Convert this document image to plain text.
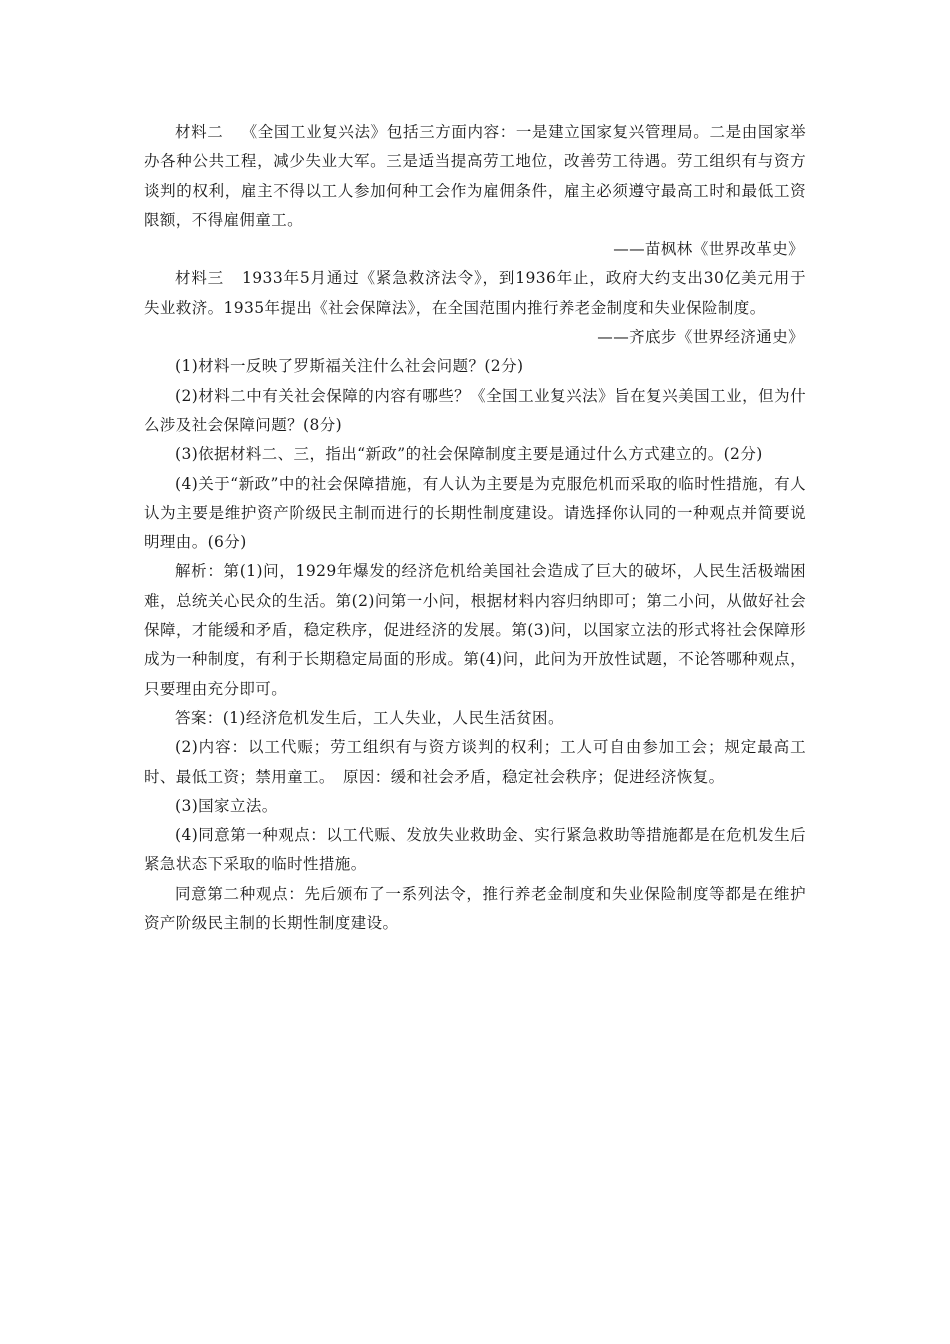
材料二 《全国工业复兴法》包括三方面内容：一是建立国家复兴管理局。二是由国家举办各种公共工程，减少失业大军。三是适当提高劳工地位，改善劳工待遇。劳工组织有与资方谈判的权利，雇主不得以工人参加何种工会作为雇佣条件，雇主必须遵守最高工时和最低工资限额，不得雇佣童工。

——苗枫林《世界改革史》

材料三 1933年5月通过《紧急救济法令》，到1936年止，政府大约支出30亿美元用于失业救济。1935年提出《社会保障法》，在全国范围内推行养老金制度和失业保险制度。

——齐底步《世界经济通史》

(1)材料一反映了罗斯福关注什么社会问题？(2分)

(2)材料二中有关社会保障的内容有哪些？《全国工业复兴法》旨在复兴美国工业，但为什么涉及社会保障问题？(8分)

(3)依据材料二、三，指出“新政”的社会保障制度主要是通过什么方式建立的。(2分)

(4)关于“新政”中的社会保障措施，有人认为主要是为克服危机而采取的临时性措施，有人认为主要是维护资产阶级民主制而进行的长期性制度建设。请选择你认同的一种观点并简要说明理由。(6分)

解析：第(1)问，1929年爆发的经济危机给美国社会造成了巨大的破坏，人民生活极端困难，总统关心民众的生活。第(2)问第一小问，根据材料内容归纳即可；第二小问，从做好社会保障，才能缓和矛盾，稳定秩序，促进经济的发展。第(3)问，以国家立法的形式将社会保障形成为一种制度，有利于长期稳定局面的形成。第(4)问，此问为开放性试题，不论答哪种观点，只要理由充分即可。

答案：(1)经济危机发生后，工人失业，人民生活贫困。

(2)内容：以工代赈；劳工组织有与资方谈判的权利；工人可自由参加工会；规定最高工时、最低工资；禁用童工。　原因：缓和社会矛盾，稳定社会秩序；促进经济恢复。

(3)国家立法。

(4)同意第一种观点：以工代赈、发放失业救助金、实行紧急救助等措施都是在危机发生后紧急状态下采取的临时性措施。

同意第二种观点：先后颁布了一系列法令，推行养老金制度和失业保险制度等都是在维护资产阶级民主制的长期性制度建设。
